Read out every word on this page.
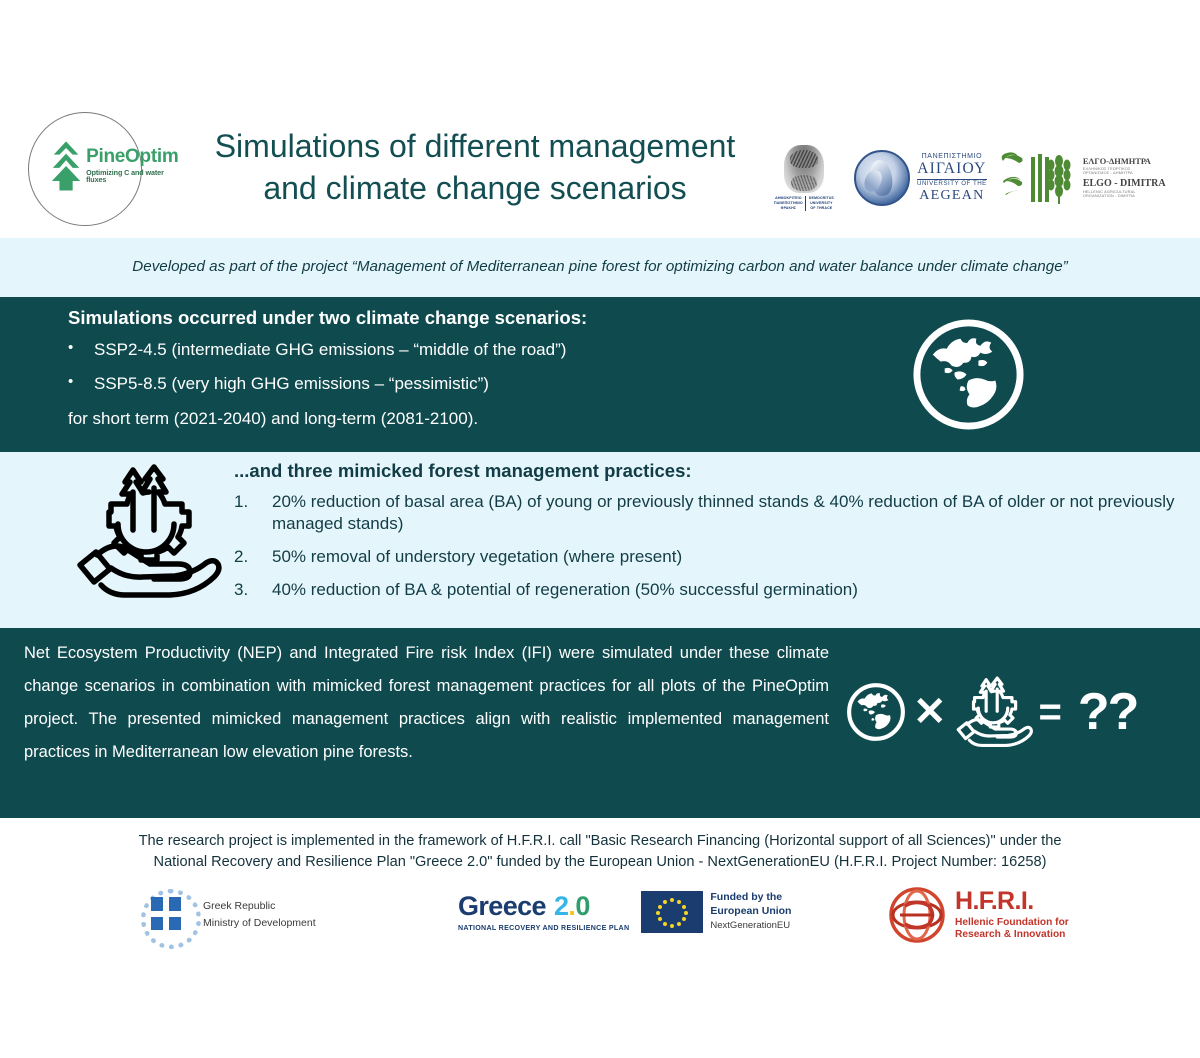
PineOptim
Optimizing C and water fluxes
Simulations of different management
and climate change scenarios	ΔΗΜΟΚΡΙΤΕΙΟ
ΠΑΝΕΠΙΣΤΗΜΙΟ
ΘΡΑΚΗΣ
DEMOCRITUS
UNIVERSITY
OF THRACE
ΠΑΝΕΠΙΣΤΗΜΙΟ
ΑΙΓΑΙΟΥ
UNIVERSITY OF THE
AEGEAN
ΕΛΓΟ-ΔΗΜΗΤΡΑ
ΕΛΛΗΝΙΚΟΣ ΓΕΩΡΓΙΚΟΣ
ΟΡΓΑΝΙΣΜΟΣ - ΔΗΜΗΤΡΑ
ELGO - DIMITRA
HELLENIC AGRICULTURAL
ORGANIZATION - DIMITRA
Developed as part of the project “Management of Mediterranean pine forest for optimizing carbon and water balance under climate change”
Simulations occurred under two climate change scenarios:
•	SSP2-4.5 (intermediate GHG emissions – “middle of the road”)
•	SSP5-8.5 (very high GHG emissions – “pessimistic”)
for short term (2021-2040) and long-term (2081-2100).
...and three mimicked forest management practices:
1.	20% reduction of basal area (BA) of young or previously thinned stands & 40% reduction of BA of older or not previously managed stands)
2.	50% removal of understory vegetation (where present)
3.	40% reduction of BA & potential of regeneration (50% successful germination)
Net Ecosystem Productivity (NEP) and Integrated Fire risk Index (IFI) were simulated under these climate change scenarios in combination with mimicked forest management practices for all plots of the PineOptim project. The presented mimicked management practices align with realistic implemented management practices in Mediterranean low elevation pine forests.
✕ = ??
The research project is implemented in the framework of H.F.R.I. call "Basic Research Financing (Horizontal support of all Sciences)" under the
National Recovery and Resilience Plan "Greece 2.0" funded by the European Union - NextGenerationEU (H.F.R.I. Project Number: 16258)
Greek Republic
Ministry of Development
Greece 2.0
NATIONAL RECOVERY AND RESILIENCE PLAN
Funded by the
European Union
NextGenerationEU
H.F.R.I.
Hellenic Foundation for
Research & Innovation
